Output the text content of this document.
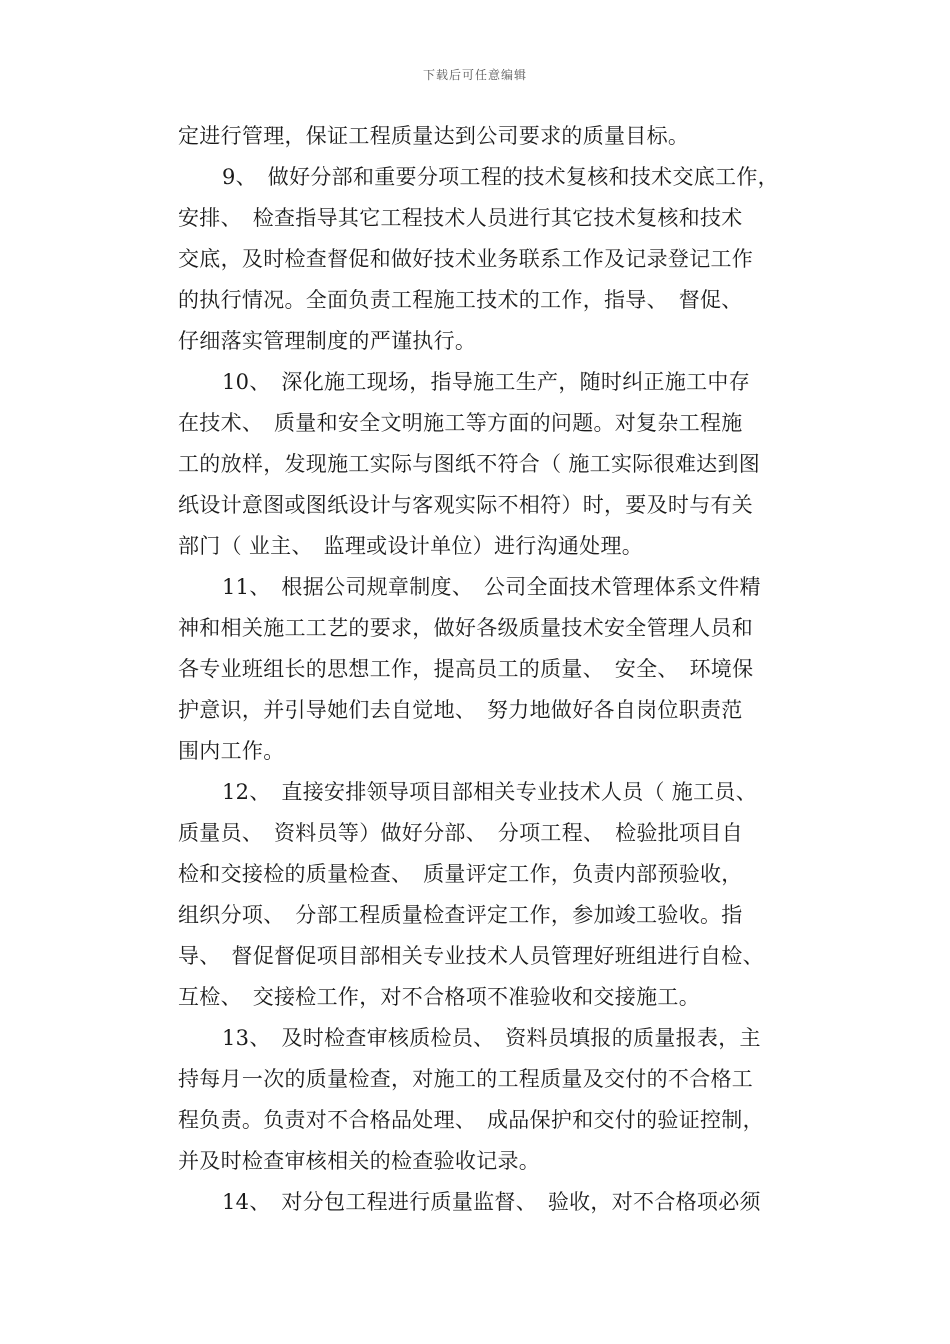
下载后可任意编辑
定进行管理，保证工程质量达到公司要求的质量目标。
9、　做好分部和重要分项工程的技术复核和技术交底工作，
安排、　检查指导其它工程技术人员进行其它技术复核和技术
交底，及时检查督促和做好技术业务联系工作及记录登记工作
的执行情况。全面负责工程施工技术的工作，指导、　督促、
仔细落实管理制度的严谨执行。
10、　深化施工现场，指导施工生产，随时纠正施工中存
在技术、　质量和安全文明施工等方面的问题。对复杂工程施
工的放样，发现施工实际与图纸不符合（ 施工实际很难达到图
纸设计意图或图纸设计与客观实际不相符）时，要及时与有关
部门（ 业主、　监理或设计单位）进行沟通处理。
11、　根据公司规章制度、　公司全面技术管理体系文件精
神和相关施工工艺的要求，做好各级质量技术安全管理人员和
各专业班组长的思想工作，提高员工的质量、　安全、　环境保
护意识，并引导她们去自觉地、　努力地做好各自岗位职责范
围内工作。
12、　直接安排领导项目部相关专业技术人员（ 施工员、
质量员、　资料员等）做好分部、　分项工程、　检验批项目自
检和交接检的质量检查、　质量评定工作，负责内部预验收，
组织分项、　分部工程质量检查评定工作，参加竣工验收。指
导、　督促督促项目部相关专业技术人员管理好班组进行自检、
互检、　交接检工作，对不合格项不准验收和交接施工。
13、　及时检查审核质检员、　资料员填报的质量报表，主
持每月一次的质量检查，对施工的工程质量及交付的不合格工
程负责。负责对不合格品处理、　成品保护和交付的验证控制，
并及时检查审核相关的检查验收记录。
14、　对分包工程进行质量监督、　验收，对不合格项必须
